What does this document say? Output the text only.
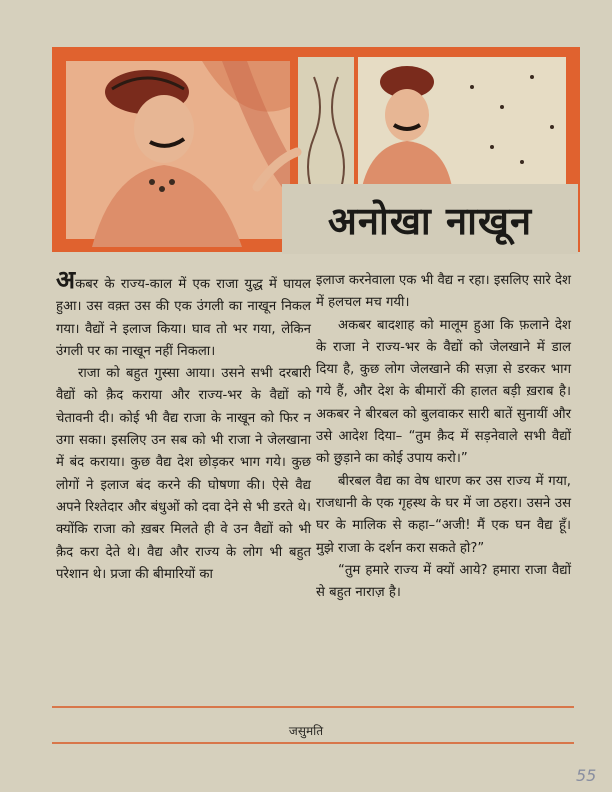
अनोखा नाखून

अकबर के राज्य-काल में एक राजा युद्ध में घायल हुआ। उस वक़्त उस की एक उंगली का नाखून निकल गया। वैद्यों ने इलाज किया। घाव तो भर गया, लेकिन उंगली पर का नाखून नहीं निकला।

राजा को बहुत गुस्सा आया। उसने सभी दरबारी वैद्यों को क़ैद कराया और राज्य-भर के वैद्यों को चेतावनी दी। कोई भी वैद्य राजा के नाखून को फिर न उगा सका। इसलिए उन सब को भी राजा ने जेलखाना में बंद कराया। कुछ वैद्य देश छोड़कर भाग गये। कुछ लोगों ने इलाज बंद करने की घोषणा की। ऐसे वैद्य अपने रिश्तेदार और बंधुओं को दवा देने से भी डरते थे। क्योंकि राजा को ख़बर मिलते ही वे उन वैद्यों को भी क़ैद करा देते थे। वैद्य और राज्य के लोग भी बहुत परेशान थे। प्रजा की बीमारियों का

इलाज करनेवाला एक भी वैद्य न रहा। इसलिए सारे देश में हलचल मच गयी।

अकबर बादशाह को मालूम हुआ कि फ़लाने देश के राजा ने राज्य-भर के वैद्यों को जेलखाने में डाल दिया है, कुछ लोग जेलखाने की सज़ा से डरकर भाग गये हैं, और देश के बीमारों की हालत बड़ी ख़राब है। अकबर ने बीरबल को बुलवाकर सारी बातें सुनायीं और उसे आदेश दिया– “तुम क़ैद में सड़नेवाले सभी वैद्यों को छुड़ाने का कोई उपाय करो।”

बीरबल वैद्य का वेष धारण कर उस राज्य में गया, राजधानी के एक गृहस्थ के घर में जा ठहरा। उसने उस घर के मालिक से कहा–“अजी! मैं एक घन वैद्य हूँ। मुझे राजा के दर्शन करा सकते हो?”

“तुम हमारे राज्य में क्यों आये? हमारा राजा वैद्यों से बहुत नाराज़ है।

जसुमति
55
